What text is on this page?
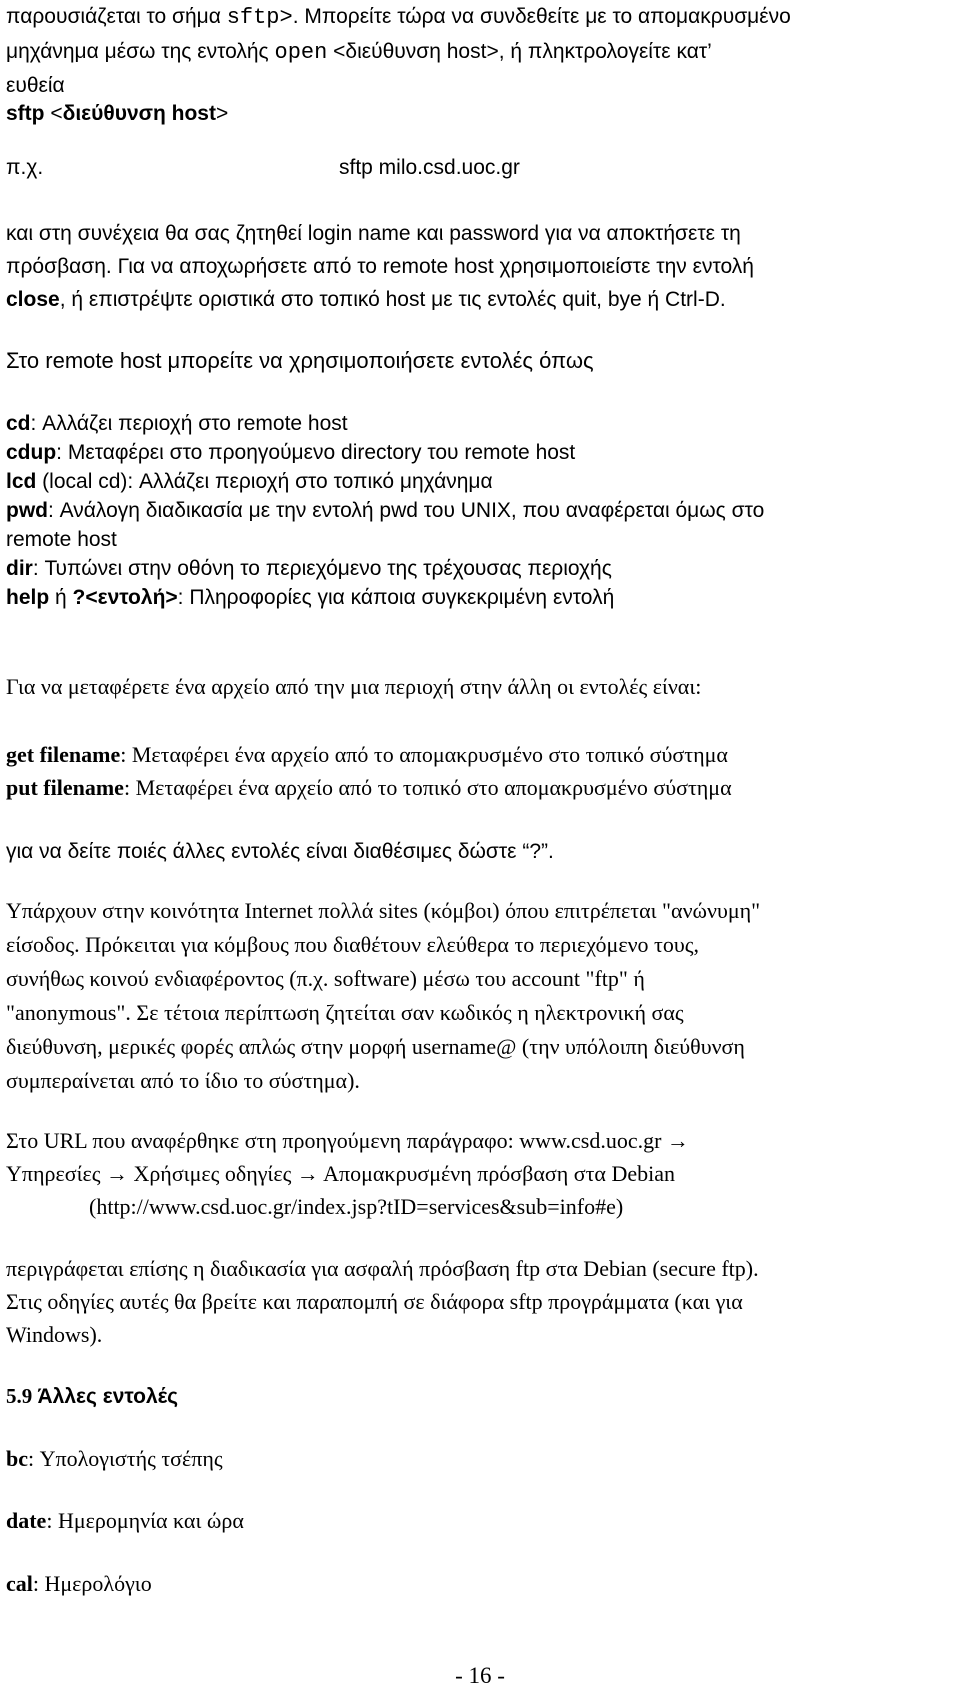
παρουσιάζεται το σήμα sftp>. Μπορείτε τώρα να συνδεθείτε με το απομακρυσμένο
μηχάνημα μέσω της εντολής open <διεύθυνση host>, ή πληκτρολογείτε κατ’
ευθεία
sftp <διεύθυνση host>
π.χ.	sftp milo.csd.uoc.gr
και στη συνέχεια θα σας ζητηθεί login name και password για να αποκτήσετε τη
πρόσβαση. Για να αποχωρήσετε από το remote host χρησιμοποιείστε την εντολή
close, ή επιστρέψτε οριστικά στο τοπικό host με τις εντολές quit, bye ή Ctrl-D.
Στο remote host μπορείτε να χρησιμοποιήσετε εντολές όπως
cd: Αλλάζει περιοχή στο remote host
cdup: Μεταφέρει στο προηγούμενο directory του remote host
lcd (local cd): Αλλάζει περιοχή στο τοπικό μηχάνημα
pwd: Ανάλογη διαδικασία με την εντολή pwd του UNIX, που αναφέρεται όμως στο
remote host
dir: Τυπώνει στην οθόνη το περιεχόμενο της τρέχουσας περιοχής
help ή ?<εντολή>: Πληροφορίες για κάποια συγκεκριμένη εντολή
Για να μεταφέρετε ένα αρχείο από την μια περιοχή στην άλλη οι εντολές είναι:
get filename: Μεταφέρει ένα αρχείο από το απομακρυσμένο στο τοπικό σύστημα
put filename: Μεταφέρει ένα αρχείο από το τοπικό στο απομακρυσμένο σύστημα
για να δείτε ποιές άλλες εντολές είναι διαθέσιμες δώστε “?”.
Υπάρχουν στην κοινότητα Internet πολλά sites (κόμβοι) όπου επιτρέπεται "ανώνυμη"
είσοδος. Πρόκειται για κόμβους που διαθέτουν ελεύθερα το περιεχόμενο τους,
συνήθως κοινού ενδιαφέροντος (π.χ. software) μέσω του account "ftp" ή
"anonymous". Σε τέτοια περίπτωση ζητείται σαν κωδικός η ηλεκτρονική σας
διεύθυνση, μερικές φορές απλώς στην μορφή username@ (την υπόλοιπη διεύθυνση
συμπεραίνεται από το ίδιο το σύστημα).
Στο URL που αναφέρθηκε στη προηγούμενη παράγραφο: www.csd.uoc.gr →
Υπηρεσίες → Χρήσιμες οδηγίες → Απομακρυσμένη πρόσβαση στα Debian
(http://www.csd.uoc.gr/index.jsp?tID=services&sub=info#e)
περιγράφεται επίσης η διαδικασία για ασφαλή πρόσβαση ftp στα Debian (secure ftp).
Στις οδηγίες αυτές θα βρείτε και παραπομπή σε διάφορα sftp προγράμματα (και για
Windows).
5.9 Άλλες εντολές
bc: Υπολογιστής τσέπης
date: Ημερομηνία και ώρα
cal: Ημερολόγιο
- 16 -
